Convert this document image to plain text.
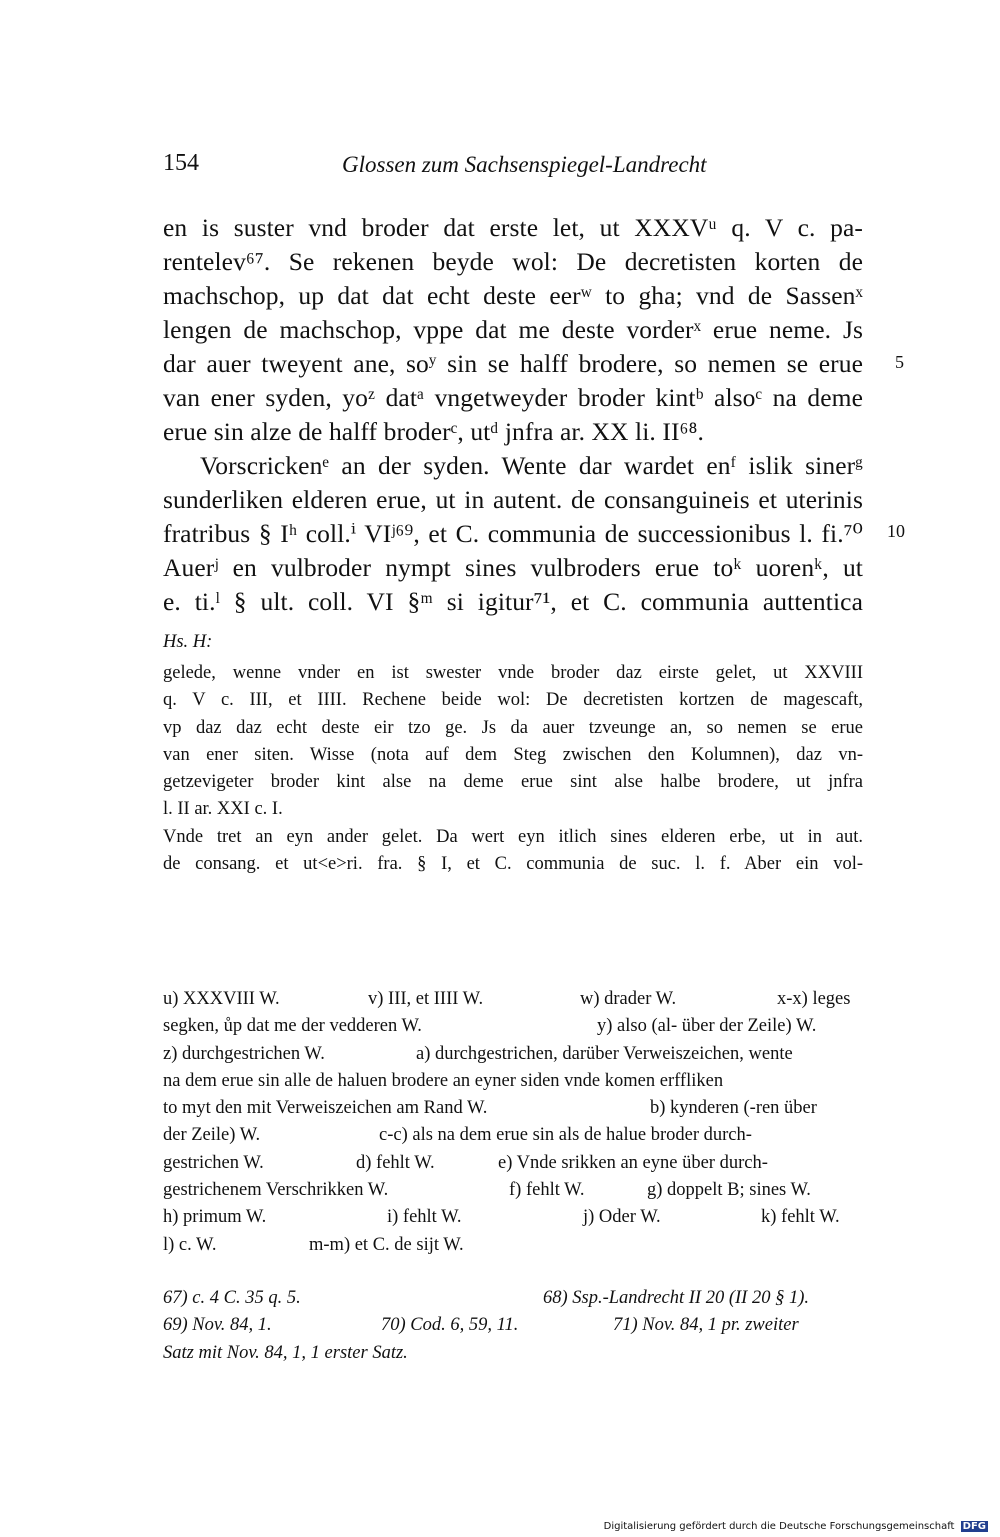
154	Glossen zum Sachsenspiegel-Landrecht
en is suster vnd broder dat erste let, ut XXXVᵘ q. V c. pa-
rentelev⁶⁷. Se rekenen beyde wol: De decretisten korten de
machschop, up dat dat echt deste eerʷ to gha; vnd de Sassenˣ
lengen de machschop, vppe dat me deste vorderˣ erue neme. Js
dar auer tweyent ane, soʸ sin se halff brodere, so nemen se erue
van ener syden, yoᶻ datᵃ vngetweyder broder kintᵇ alsoᶜ na deme
erue sin alze de halff broderᶜ, utᵈ jnfra ar. XX li. II⁶⁸.
Vorscrickenᵉ an der syden. Wente dar wardet enᶠ islik sinerᵍ
sunderliken elderen erue, ut in autent. de consanguineis et uterinis
fratribus § Iʰ coll.ⁱ VIʲ⁶⁹, et C. communia de successionibus l. fi.⁷⁰
Auerʲ en vulbroder nympt sines vulbroders erue toᵏ uorenᵏ, ut
e. ti.ˡ § ult. coll. VI §ᵐ si igitur⁷¹, et C. communia auttentica
5
10
Hs. H:
gelede, wenne vnder en ist swester vnde broder daz eirste gelet, ut XXVIII
q. V c. III, et IIII. Rechene beide wol: De decretisten kortzen de magescaft,
vp daz daz echt deste eir tzo ge. Js da auer tzveunge an, so nemen se erue
van ener siten. Wisse (nota auf dem Steg zwischen den Kolumnen), daz vn-
getzevigeter broder kint alse na deme erue sint alse halbe brodere, ut jnfra
l. II ar. XXI c. I.
Vnde tret an eyn ander gelet. Da wert eyn itlich sines elderen erbe, ut in aut.
de consang. et ut<e>ri. fra. § I, et C. communia de suc. l. f. Aber ein vol-
u) XXXVIII W.	v) III, et IIII W.	w) drader W.	x-x) leges
segken, ůp dat me der vedderen W.	y) also (al- über der Zeile) W.
z) durchgestrichen W.	a) durchgestrichen, darüber Verweiszeichen, wente
na dem erue sin alle de haluen brodere an eyner siden vnde komen erffliken
to myt den mit Verweiszeichen am Rand W.	b) kynderen (-ren über
der Zeile) W.	c-c) als na dem erue sin als de halue broder durch-
gestrichen W.	d) fehlt W.	e) Vnde srikken an eyne über durch-
gestrichenem Verschrikken W.	f) fehlt W.	g) doppelt B; sines W.
h) primum W.	i) fehlt W.	j) Oder W.	k) fehlt W.
l) c. W.	m-m) et C. de sijt W.
67) c. 4 C. 35 q. 5.	68) Ssp.-Landrecht II 20 (II 20 § 1).
69) Nov. 84, 1.	70) Cod. 6, 59, 11.	71) Nov. 84, 1 pr. zweiter
Satz mit Nov. 84, 1, 1 erster Satz.
Digitalisierung gefördert durch die Deutsche Forschungsgemeinschaft DFG
